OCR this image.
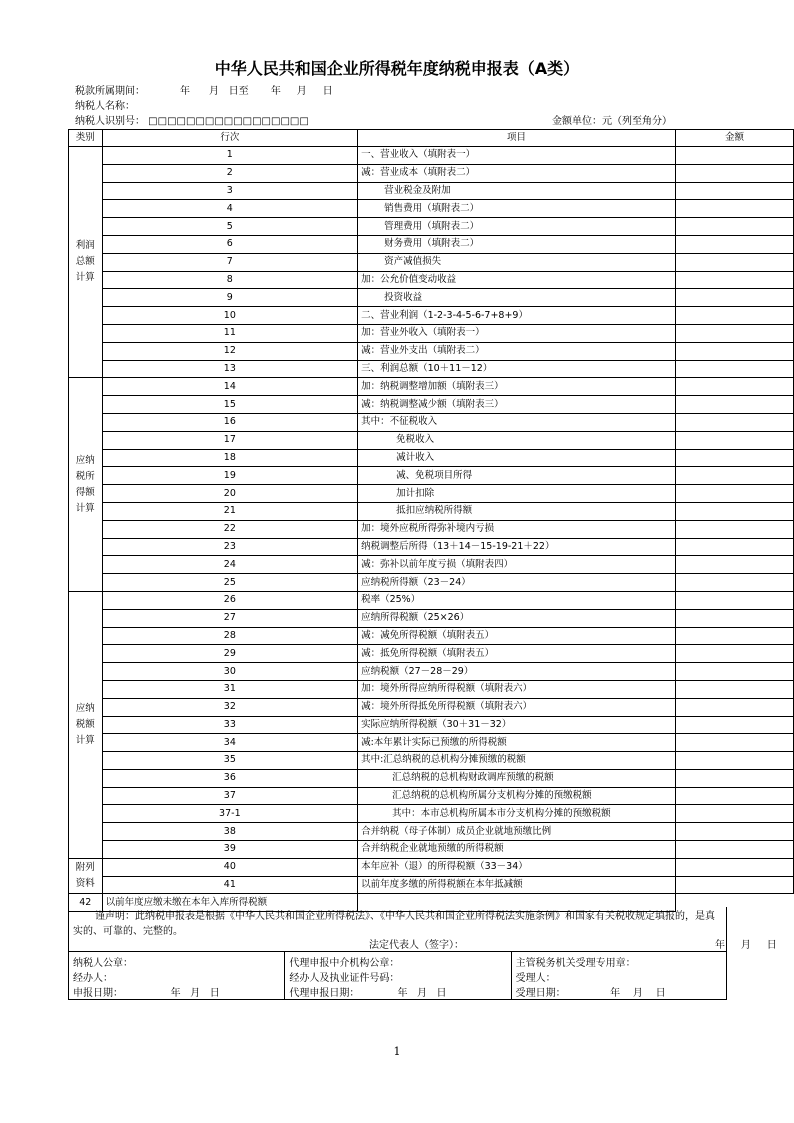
中华人民共和国企业所得税年度纳税申报表（A类）
税款所属期间：           年      月   日至       年     月     日
纳税人名称：
纳税人识别号： □□□□□□□□□□□□□□□□□	金额单位：元（列至角分）
类别	行次	项目	金额
利润总额计算	1	一、营业收入（填附表一）	
	2	减：营业成本（填附表二）	
	3	营业税金及附加	
	4	销售费用（填附表二）	
	5	管理费用（填附表二）	
	6	财务费用（填附表二）	
	7	资产减值损失	
	8	加：公允价值变动收益	
	9	投资收益	
	10	二、营业利润（1-2-3-4-5-6-7+8+9）	
	11	加：营业外收入（填附表一）	
	12	减：营业外支出（填附表二）	
	13	三、利润总额（10＋11－12）	
应纳税所得额计算	14	加：纳税调整增加额（填附表三）	
	15	减：纳税调整减少额（填附表三）	
	16	其中：不征税收入	
	17	免税收入	
	18	减计收入	
	19	减、免税项目所得	
	20	加计扣除	
	21	抵扣应纳税所得额	
	22	加：境外应税所得弥补境内亏损	
	23	纳税调整后所得（13＋14－15-19-21＋22）	
	24	减：弥补以前年度亏损（填附表四）	
	25	应纳税所得额（23－24）	
应纳税额计算	26	税率（25%）	
	27	应纳所得税额（25×26）	
	28	减：减免所得税额（填附表五）	
	29	减：抵免所得税额（填附表五）	
	30	应纳税额（27－28－29）	
	31	加：境外所得应纳所得税额（填附表六）	
	32	减：境外所得抵免所得税额（填附表六）	
	33	实际应纳所得税额（30＋31－32）	
	34	减:本年累计实际已预缴的所得税额	
	35	其中:汇总纳税的总机构分摊预缴的税额	
	36	汇总纳税的总机构财政调库预缴的税额	
	37	汇总纳税的总机构所属分支机构分摊的预缴税额	
	37-1	其中：本市总机构所属本市分支机构分摊的预缴税额	
	38	合并纳税（母子体制）成员企业就地预缴比例	
	39	合并纳税企业就地预缴的所得税额	
附列资料	40	本年应补（退）的所得税额（33－34）	
	41	以前年度多缴的所得税额在本年抵减额	
42	以前年度应缴未缴在本年入库所得税额		
谨声明：此纳税申报表是根据《中华人民共和国企业所得税法》、《中华人民共和国企业所得税法实施条例》和国家有关税收规定填报的，是真实的、可靠的、完整的。
法定代表人（签字）：	年     月     日
纳税人公章：
经办人：
申报日期：               年   月   日
代理申报中介机构公章：
经办人及执业证件号码：
代理申报日期：            年   月   日
主管税务机关受理专用章：
受理人：
受理日期：              年    月    日
1
